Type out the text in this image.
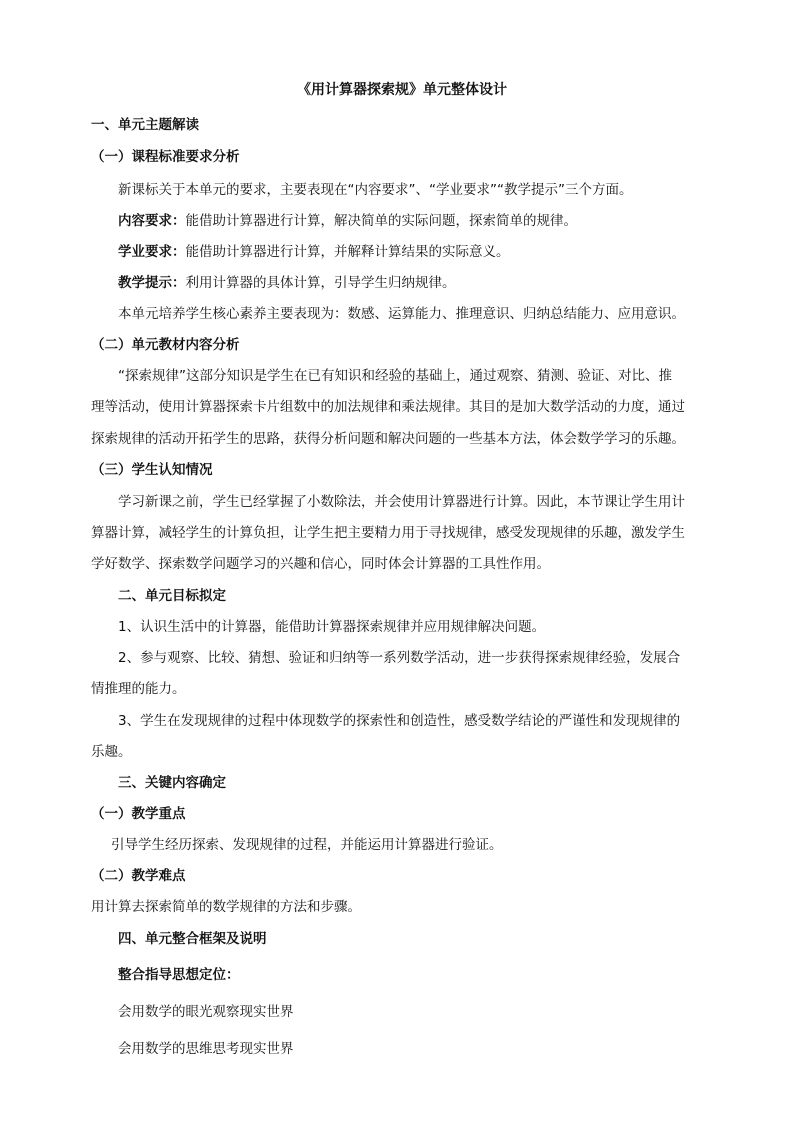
《用计算器探索规》单元整体设计
一、单元主题解读
（一）课程标准要求分析
新课标关于本单元的要求，主要表现在“内容要求”、“学业要求”“教学提示”三个方面。
内容要求：能借助计算器进行计算，解决简单的实际问题，探索简单的规律。
学业要求：能借助计算器进行计算，并解释计算结果的实际意义。
教学提示：利用计算器的具体计算，引导学生归纳规律。
本单元培养学生核心素养主要表现为：数感、运算能力、推理意识、归纳总结能力、应用意识。
（二）单元教材内容分析
“探索规律”这部分知识是学生在已有知识和经验的基础上，通过观察、猜测、验证、对比、推
理等活动，使用计算器探索卡片组数中的加法规律和乘法规律。其目的是加大数学活动的力度，通过
探索规律的活动开拓学生的思路，获得分析问题和解决问题的一些基本方法，体会数学学习的乐趣。
（三）学生认知情况
学习新课之前，学生已经掌握了小数除法，并会使用计算器进行计算。因此，本节课让学生用计
算器计算，减轻学生的计算负担，让学生把主要精力用于寻找规律，感受发现规律的乐趣，激发学生
学好数学、探索数学问题学习的兴趣和信心，同时体会计算器的工具性作用。
二、单元目标拟定
1、认识生活中的计算器，能借助计算器探索规律并应用规律解决问题。
2、参与观察、比较、猜想、验证和归纳等一系列数学活动，进一步获得探索规律经验，发展合
情推理的能力。
3、学生在发现规律的过程中体现数学的探索性和创造性，感受数学结论的严谨性和发现规律的
乐趣。
三、关键内容确定
（一）教学重点
引导学生经历探索、发现规律的过程，并能运用计算器进行验证。
（二）教学难点
用计算去探索简单的数学规律的方法和步骤。
四、单元整合框架及说明
整合指导思想定位：
会用数学的眼光观察现实世界
会用数学的思维思考现实世界
